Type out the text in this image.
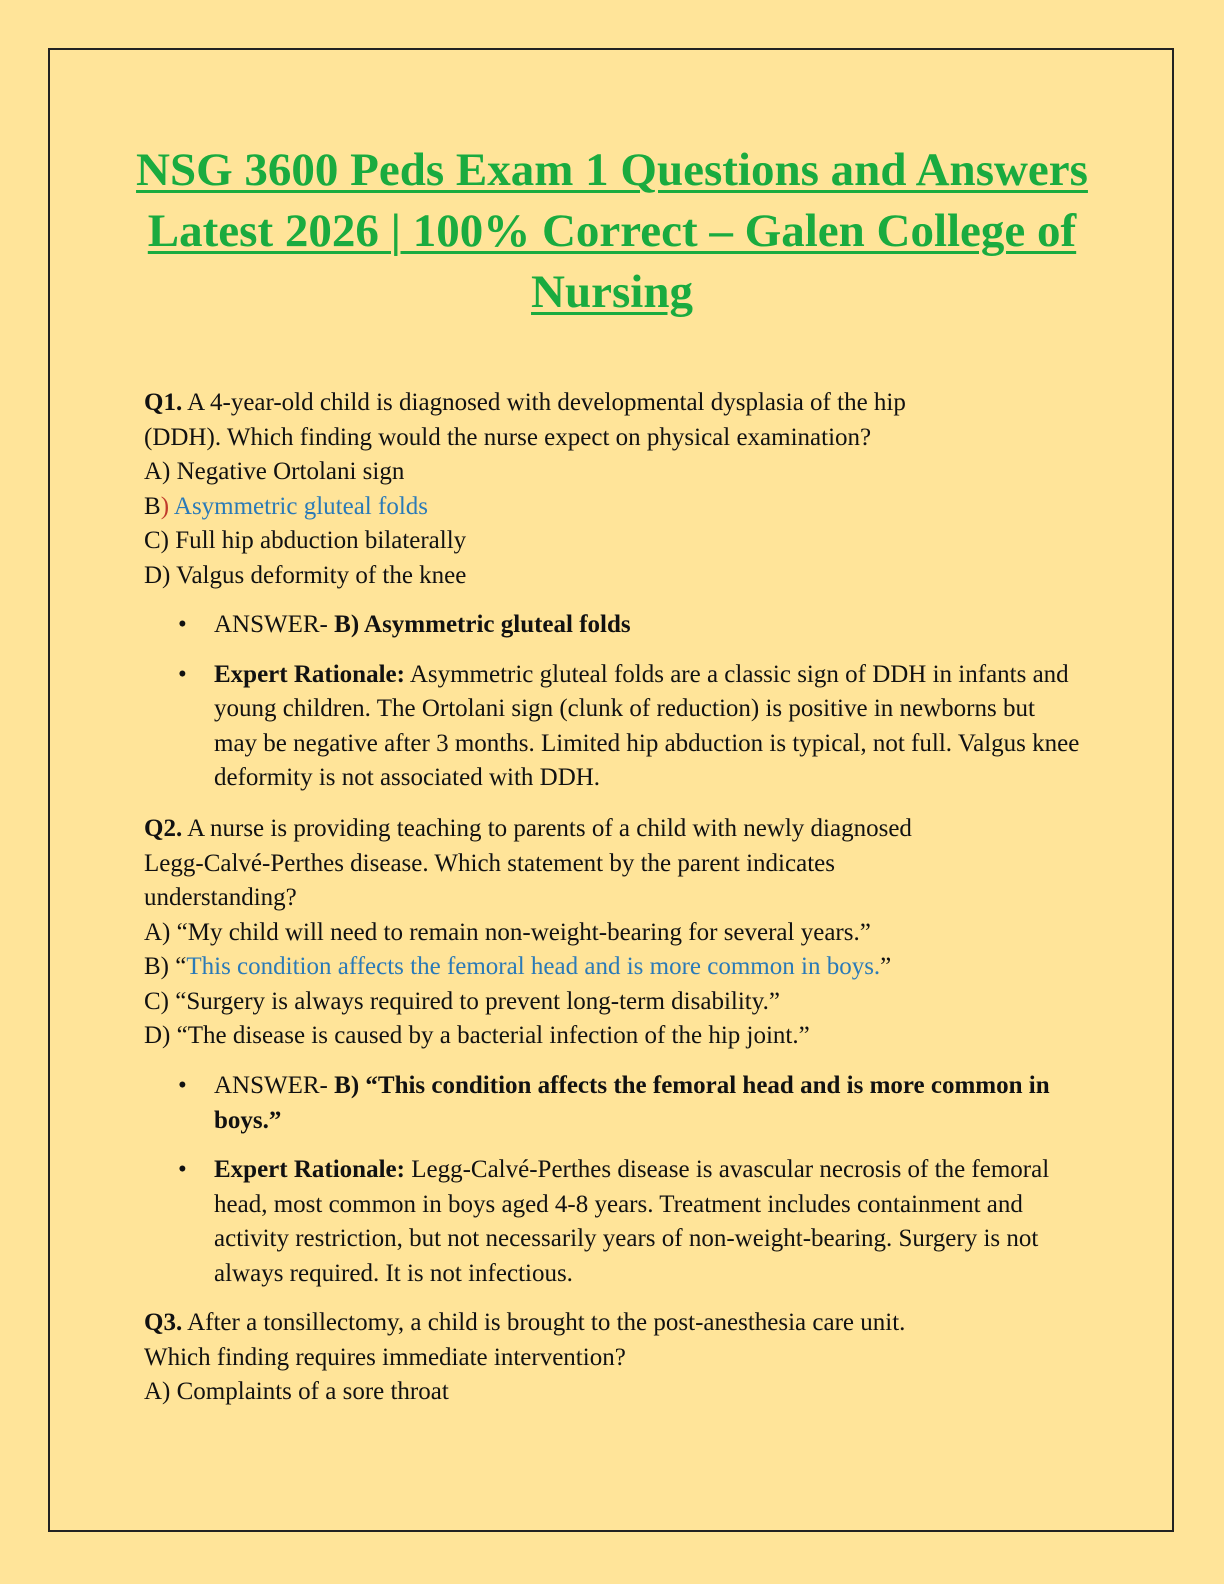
NSG 3600 Peds Exam 1 Questions and Answers Latest 2026 | 100% Correct – Galen College of Nursing
Q1. A 4-year-old child is diagnosed with developmental dysplasia of the hip
(DDH). Which finding would the nurse expect on physical examination?
A) Negative Ortolani sign
B) Asymmetric gluteal folds
C) Full hip abduction bilaterally
D) Valgus deformity of the knee
• ANSWER- B) Asymmetric gluteal folds
• Expert Rationale: Asymmetric gluteal folds are a classic sign of DDH in infants and young children. The Ortolani sign (clunk of reduction) is positive in newborns but may be negative after 3 months. Limited hip abduction is typical, not full. Valgus knee deformity is not associated with DDH.
Q2. A nurse is providing teaching to parents of a child with newly diagnosed
Legg-Calvé-Perthes disease. Which statement by the parent indicates
understanding?
A) “My child will need to remain non-weight-bearing for several years.”
B) “This condition affects the femoral head and is more common in boys.”
C) “Surgery is always required to prevent long-term disability.”
D) “The disease is caused by a bacterial infection of the hip joint.”
• ANSWER- B) “This condition affects the femoral head and is more common in boys.”
• Expert Rationale: Legg-Calvé-Perthes disease is avascular necrosis of the femoral head, most common in boys aged 4-8 years. Treatment includes containment and activity restriction, but not necessarily years of non-weight-bearing. Surgery is not always required. It is not infectious.
Q3. After a tonsillectomy, a child is brought to the post-anesthesia care unit.
Which finding requires immediate intervention?
A) Complaints of a sore throat
